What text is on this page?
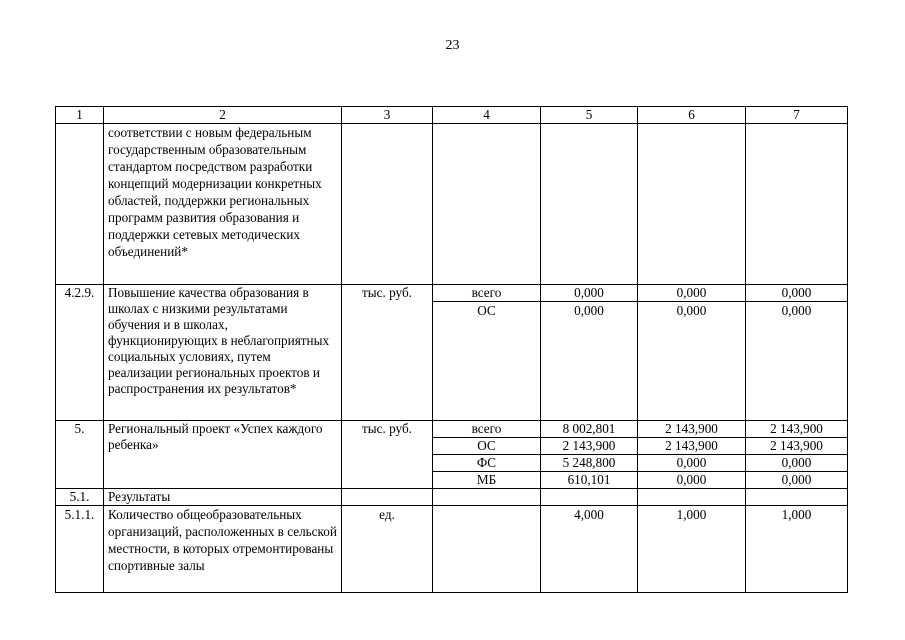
23
1	2	3	4	5	6	7
	соответствии с новым федеральным государственным образовательным стандартом посредством разработки концепций модернизации конкретных областей, поддержки региональных программ развития образования и поддержки сетевых методических объединений*					
4.2.9.	Повышение качества образования в школах с низкими результатами обучения и в школах, функционирующих в неблагоприятных социальных условиях, путем реализации региональных проектов и распространения их результатов*	тыс. руб.	всего	0,000	0,000	0,000
			ОС	0,000	0,000	0,000
5.	Региональный проект «Успех каждого ребенка»	тыс. руб.	всего	8 002,801	2 143,900	2 143,900
			ОС	2 143,900	2 143,900	2 143,900
			ФС	5 248,800	0,000	0,000
			МБ	610,101	0,000	0,000
5.1.	Результаты					
5.1.1.	Количество общеобразовательных организаций, расположенных в сельской местности, в которых отремонтированы спортивные залы	ед.		4,000	1,000	1,000
